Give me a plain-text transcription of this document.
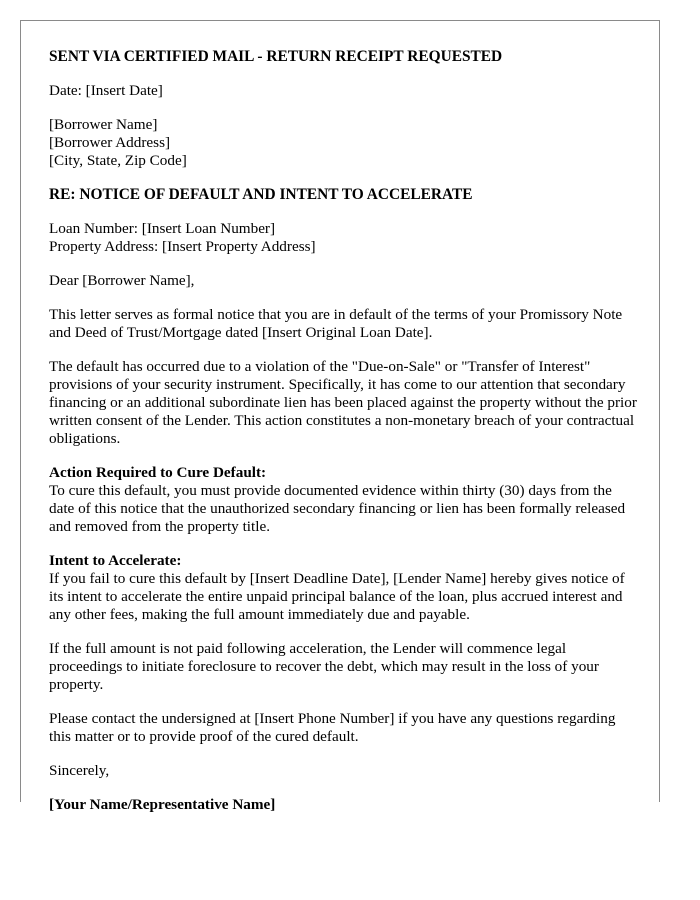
SENT VIA CERTIFIED MAIL - RETURN RECEIPT REQUESTED

Date: [Insert Date]

[Borrower Name]
[Borrower Address]
[City, State, Zip Code]

RE: NOTICE OF DEFAULT AND INTENT TO ACCELERATE

Loan Number: [Insert Loan Number]
Property Address: [Insert Property Address]

Dear [Borrower Name],

This letter serves as formal notice that you are in default of the terms of your Promissory Note and Deed of Trust/Mortgage dated [Insert Original Loan Date].

The default has occurred due to a violation of the "Due-on-Sale" or "Transfer of Interest" provisions of your security instrument. Specifically, it has come to our attention that secondary financing or an additional subordinate lien has been placed against the property without the prior written consent of the Lender. This action constitutes a non-monetary breach of your contractual obligations.

Action Required to Cure Default:
To cure this default, you must provide documented evidence within thirty (30) days from the date of this notice that the unauthorized secondary financing or lien has been formally released and removed from the property title.

Intent to Accelerate:
If you fail to cure this default by [Insert Deadline Date], [Lender Name] hereby gives notice of its intent to accelerate the entire unpaid principal balance of the loan, plus accrued interest and any other fees, making the full amount immediately due and payable.

If the full amount is not paid following acceleration, the Lender will commence legal proceedings to initiate foreclosure to recover the debt, which may result in the loss of your property.

Please contact the undersigned at [Insert Phone Number] if you have any questions regarding this matter or to provide proof of the cured default.

Sincerely,

[Your Name/Representative Name]
